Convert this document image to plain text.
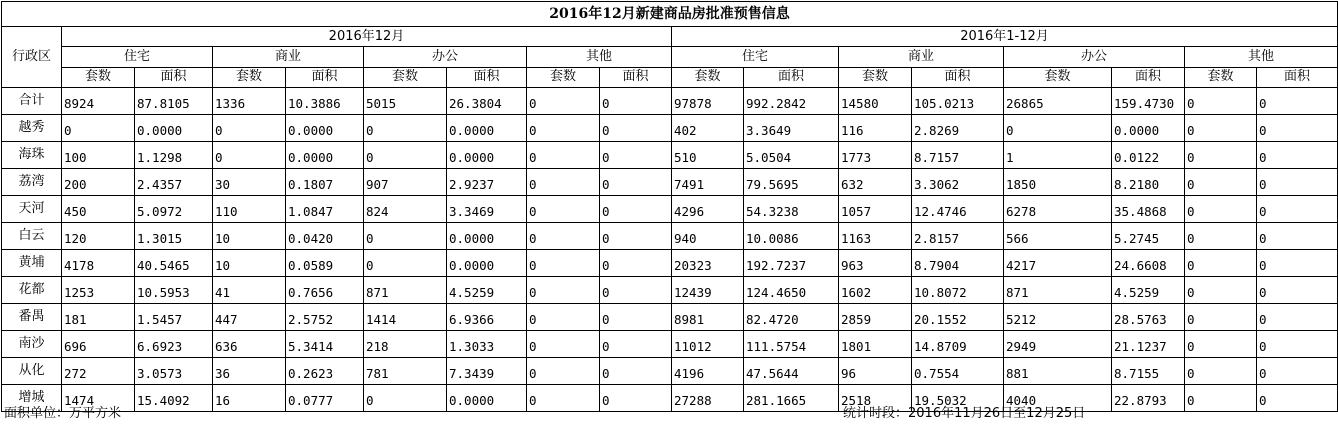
2016年12月新建商品房批准预售信息																
行政区	2016年12月								2016年1-12月							
	住宅		商业		办公		其他		住宅		商业		办公		其他	
	套数	面积	套数	面积	套数	面积	套数	面积	套数	面积	套数	面积	套数	面积	套数	面积
合计	8924	87.8105	1336	10.3886	5015	26.3804	0	0	97878	992.2842	14580	105.0213	26865	159.4730	0	0
越秀	0	0.0000	0	0.0000	0	0.0000	0	0	402	3.3649	116	2.8269	0	0.0000	0	0
海珠	100	1.1298	0	0.0000	0	0.0000	0	0	510	5.0504	1773	8.7157	1	0.0122	0	0
荔湾	200	2.4357	30	0.1807	907	2.9237	0	0	7491	79.5695	632	3.3062	1850	8.2180	0	0
天河	450	5.0972	110	1.0847	824	3.3469	0	0	4296	54.3238	1057	12.4746	6278	35.4868	0	0
白云	120	1.3015	10	0.0420	0	0.0000	0	0	940	10.0086	1163	2.8157	566	5.2745	0	0
黄埔	4178	40.5465	10	0.0589	0	0.0000	0	0	20323	192.7237	963	8.7904	4217	24.6608	0	0
花都	1253	10.5953	41	0.7656	871	4.5259	0	0	12439	124.4650	1602	10.8072	871	4.5259	0	0
番禺	181	1.5457	447	2.5752	1414	6.9366	0	0	8981	82.4720	2859	20.1552	5212	28.5763	0	0
南沙	696	6.6923	636	5.3414	218	1.3033	0	0	11012	111.5754	1801	14.8709	2949	21.1237	0	0
从化	272	3.0573	36	0.2623	781	7.3439	0	0	4196	47.5644	96	0.7554	881	8.7155	0	0
增城	1474	15.4092	16	0.0777	0	0.0000	0	0	27288	281.1665	2518	19.5032	4040	22.8793	0	0
面积单位：万平方米	统计时段：2016年11月26日至12月25日
